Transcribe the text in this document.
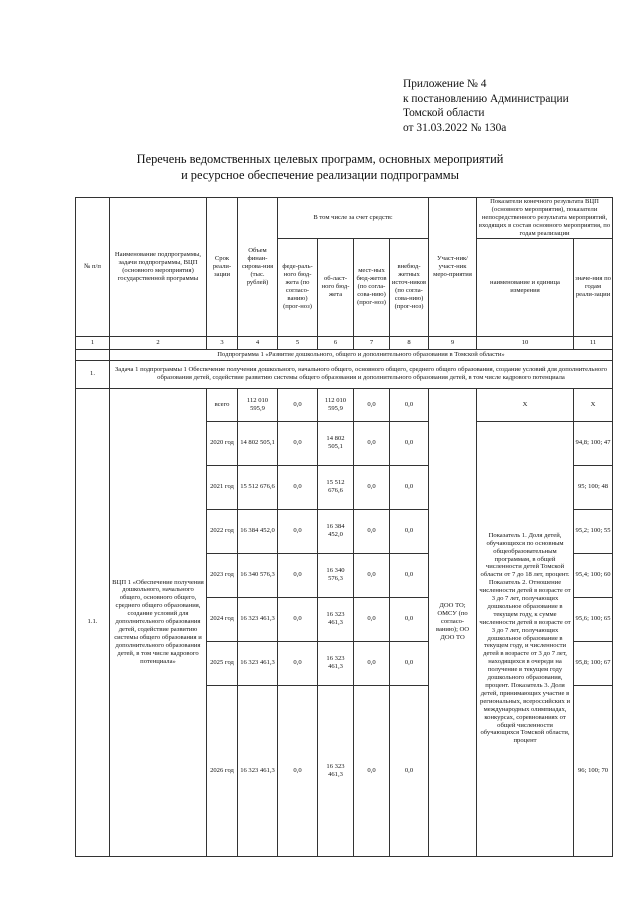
Приложение № 4
к постановлению Администрации
Томской области
от 31.03.2022 № 130а
Перечень ведомственных целевых программ, основных мероприятий
и ресурсное обеспечение реализации подпрограммы
№ п/п	Наименование подпрограммы, задачи подпрограммы, ВЦП (основного мероприятия) государственной программы	Срок реали-зации	Объем финан-сирова-ния (тыс. рублей)	В том числе за счет средств:				Участ-ник/ участ-ник меро-приятия	Показатели конечного результата ВЦП (основного мероприятия), показатели непосредственного результата мероприятий, входящих в состав основного мероприятия, по годам реализации	

				феде-раль-ного бюд-жета (по согласо-ванию) (прог-ноз)	об-ласт-ного бюд-жета	мест-ных бюд-жетов (по согла-сова-нию) (прог-ноз)	внебюд-жетных источ-ников (по согла-сова-нию) (прог-ноз)		наименование и единица измерения	значе-ния по годам реали-зации

1	2	3	4	5	6	7	8	9	10	11
	Подпрограмма 1 «Развитие дошкольного, общего и дополнительного образования в Томской области»									
1.	Задача 1 подпрограммы 1 Обеспечение получения дошкольного, начального общего, основного общего, среднего общего образования, создание условий для дополнительного образования детей, содействие развитию системы общего образования и дополнительного образования детей, в том числе кадрового потенциала									
1.1.	ВЦП 1 «Обеспечение получения дошкольного, начального общего, основного общего, среднего общего образования, создание условий для дополнительного образования детей, содействие развитию системы общего образования и дополнительного образования детей, в том числе кадрового потенциала»	всего	112 010 595,9	0,0	112 010 595,9	0,0	0,0	ДОО ТО; ОМСУ (по согласо-ванию); ОО ДОО ТО	X	X
		2020 год	14 802 505,1	0,0	14 802 505,1	0,0	0,0		Показатель 1. Доля детей, обучающихся по основным общеобразовательным программам, в общей численности детей Томской области от 7 до 18 лет, процент. Показатель 2. Отношение численности детей в возрасте от 3 до 7 лет, получающих дошкольное образование в текущем году, к сумме численности детей в возрасте от 3 до 7 лет, получающих дошкольное образование в текущем году, и численности детей в возрасте от 3 до 7 лет, находящихся в очереди на получение в текущем году дошкольного образования, процент. Показатель 3. Доля детей, принимающих участие в региональных, всероссийских и международных олимпиадах, конкурсах, соревнованиях от общей численности обучающихся Томской области, процент	94,8; 100; 47
		2021 год	15 512 676,6	0,0	15 512 676,6	0,0	0,0			95; 100; 48
		2022 год	16 384 452,0	0,0	16 384 452,0	0,0	0,0			95,2; 100; 55
		2023 год	16 340 576,3	0,0	16 340 576,3	0,0	0,0			95,4; 100; 60
		2024 год	16 323 461,3	0,0	16 323 461,3	0,0	0,0			95,6; 100; 65
		2025 год	16 323 461,3	0,0	16 323 461,3	0,0	0,0			95,8; 100; 67
		2026 год	16 323 461,3	0,0	16 323 461,3	0,0	0,0			96; 100; 70
